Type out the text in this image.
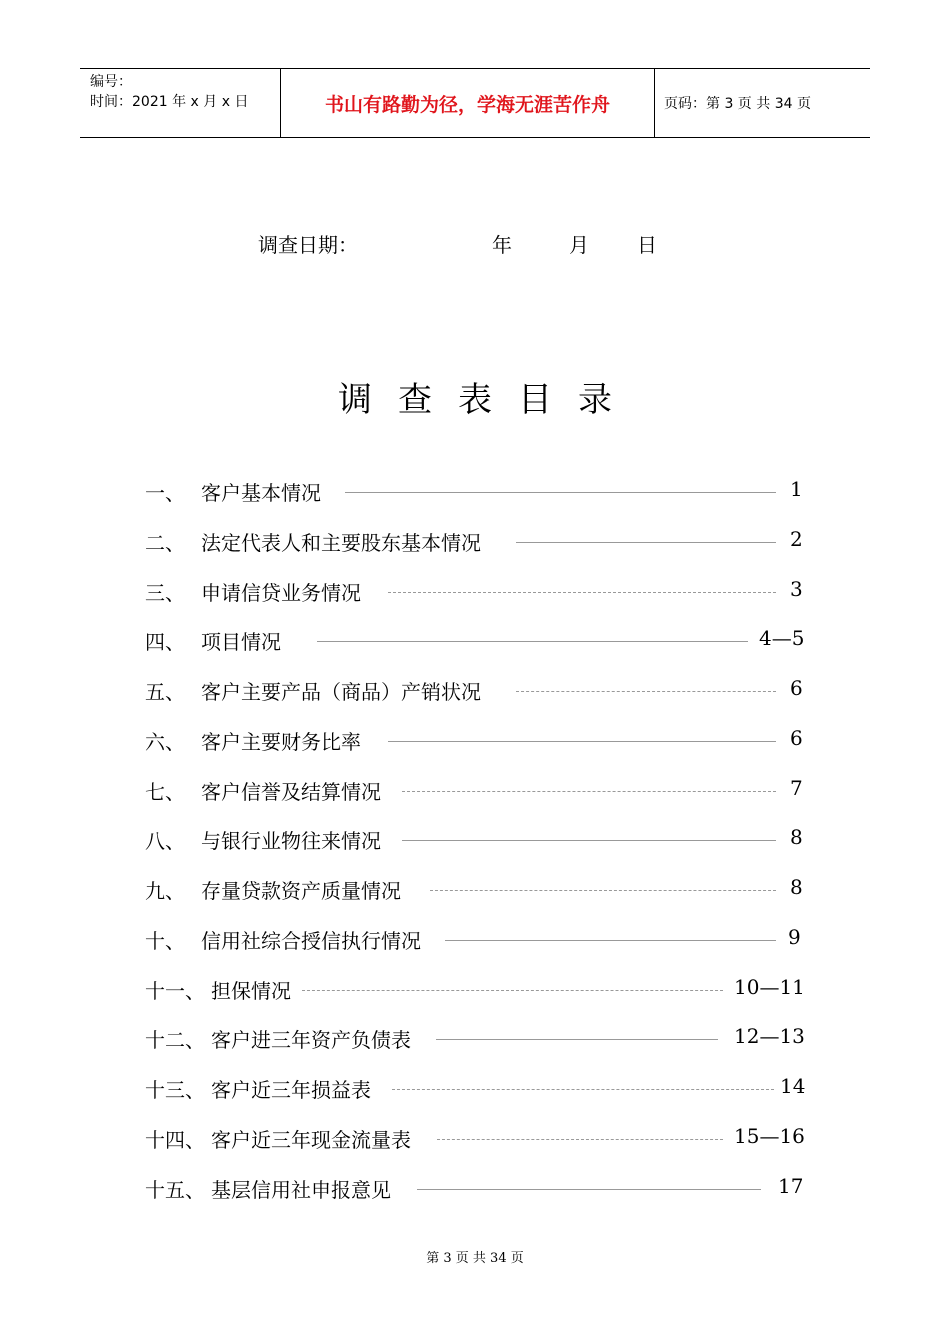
编号：
时间：2021 年 x 月 x 日	书山有路勤为径，学海无涯苦作舟	页码：第 3 页 共 34 页
调查日期：	年	月 日
调查表目录
一、 客户基本情况	1
二、 法定代表人和主要股东基本情况	2
三、 申请信贷业务情况	3
四、 项目情况	4—5
五、 客户主要产品（商品）产销状况	6
六、 客户主要财务比率	6
七、 客户信誉及结算情况	7
八、 与银行业物往来情况	8
九、 存量贷款资产质量情况	8
十、 信用社综合授信执行情况	9
十一、 担保情况	10—11
十二、 客户进三年资产负债表	12—13
十三、 客户近三年损益表	14
十四、 客户近三年现金流量表	15—16
十五、 基层信用社申报意见	17
第 3 页 共 34 页
